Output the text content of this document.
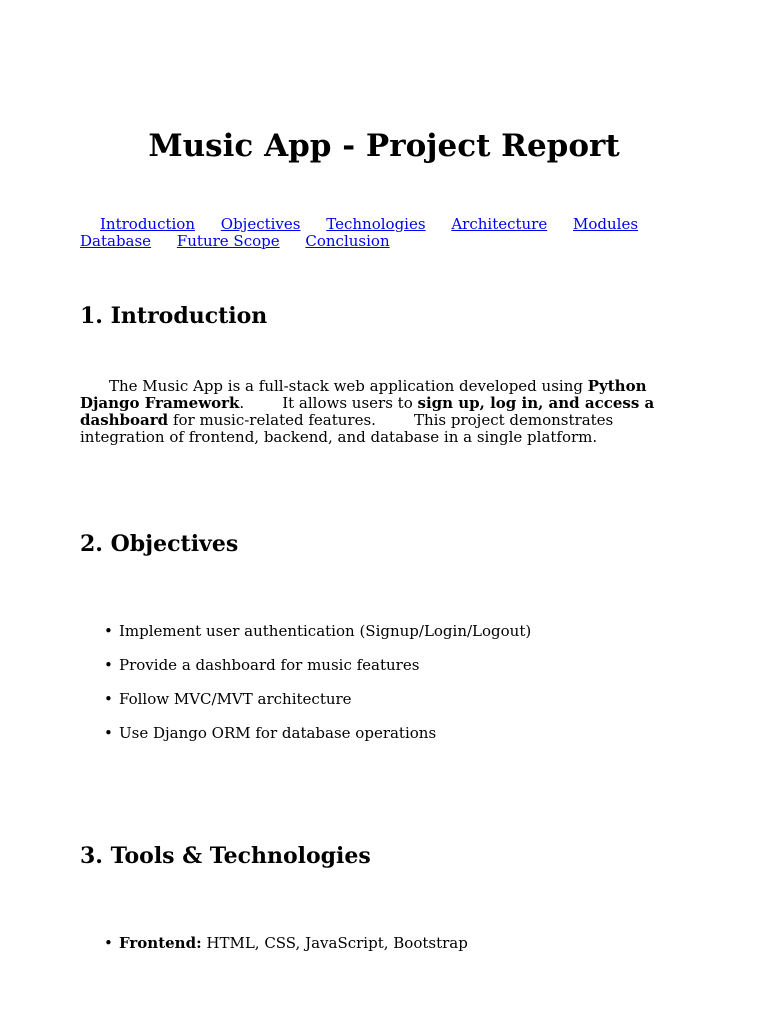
Music App - Project Report
Introduction Objectives Technologies Architecture Modules
Database Future Scope Conclusion
1. Introduction

The Music App is a full-stack web application developed using Python Django Framework.	It allows users to sign up, log in, and access a dashboard for music-related features.	This project demonstrates integration of frontend, backend, and database in a single platform.

2. Objectives
• Implement user authentication (Signup/Login/Logout)
• Provide a dashboard for music features
• Follow MVC/MVT architecture
• Use Django ORM for database operations
3. Tools & Technologies
• Frontend: HTML, CSS, JavaScript, Bootstrap
